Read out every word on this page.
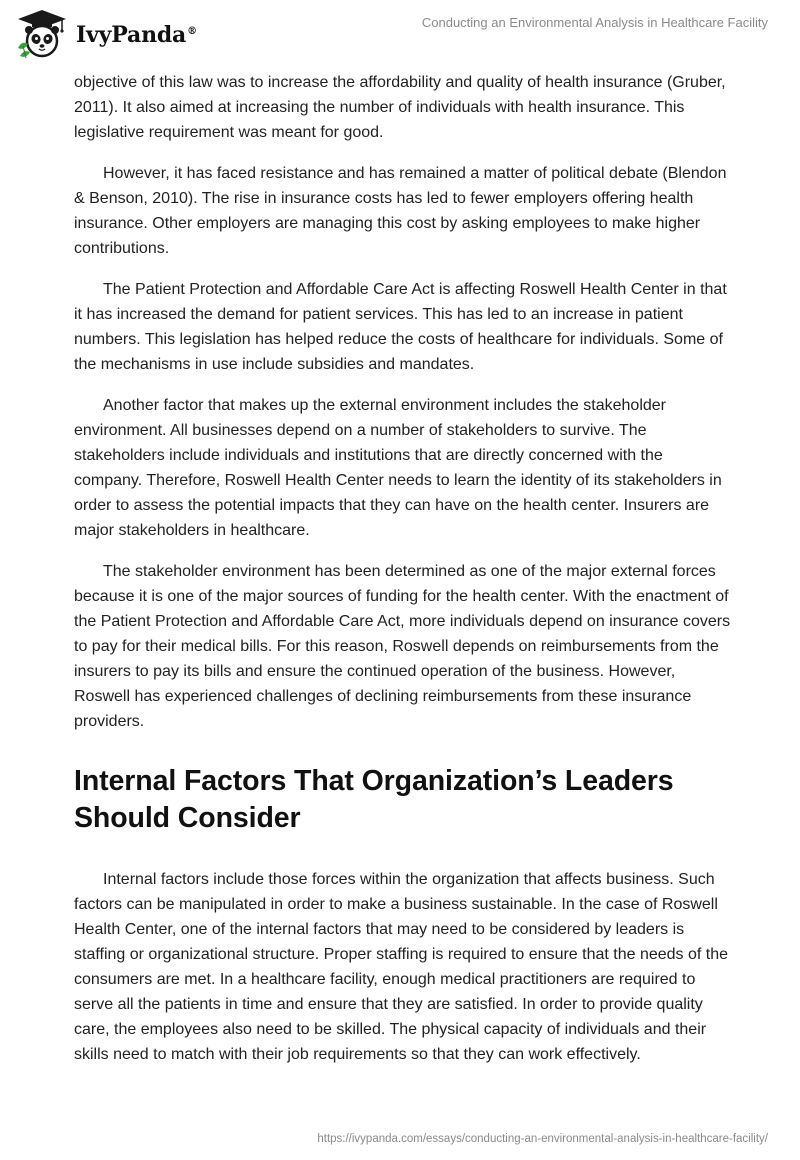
IvyPanda®
Conducting an Environmental Analysis in Healthcare Facility

objective of this law was to increase the affordability and quality of health insurance (Gruber, 2011). It also aimed at increasing the number of individuals with health insurance. This legislative requirement was meant for good.

However, it has faced resistance and has remained a matter of political debate (Blendon & Benson, 2010). The rise in insurance costs has led to fewer employers offering health insurance. Other employers are managing this cost by asking employees to make higher contributions.

The Patient Protection and Affordable Care Act is affecting Roswell Health Center in that it has increased the demand for patient services. This has led to an increase in patient numbers. This legislation has helped reduce the costs of healthcare for individuals. Some of the mechanisms in use include subsidies and mandates.

Another factor that makes up the external environment includes the stakeholder environment. All businesses depend on a number of stakeholders to survive. The stakeholders include individuals and institutions that are directly concerned with the company. Therefore, Roswell Health Center needs to learn the identity of its stakeholders in order to assess the potential impacts that they can have on the health center. Insurers are major stakeholders in healthcare.

The stakeholder environment has been determined as one of the major external forces because it is one of the major sources of funding for the health center. With the enactment of the Patient Protection and Affordable Care Act, more individuals depend on insurance covers to pay for their medical bills. For this reason, Roswell depends on reimbursements from the insurers to pay its bills and ensure the continued operation of the business. However, Roswell has experienced challenges of declining reimbursements from these insurance providers.

Internal Factors That Organization’s Leaders Should Consider

Internal factors include those forces within the organization that affects business. Such factors can be manipulated in order to make a business sustainable. In the case of Roswell Health Center, one of the internal factors that may need to be considered by leaders is staffing or organizational structure. Proper staffing is required to ensure that the needs of the consumers are met. In a healthcare facility, enough medical practitioners are required to serve all the patients in time and ensure that they are satisfied. In order to provide quality care, the employees also need to be skilled. The physical capacity of individuals and their skills need to match with their job requirements so that they can work effectively.

https://ivypanda.com/essays/conducting-an-environmental-analysis-in-healthcare-facility/
